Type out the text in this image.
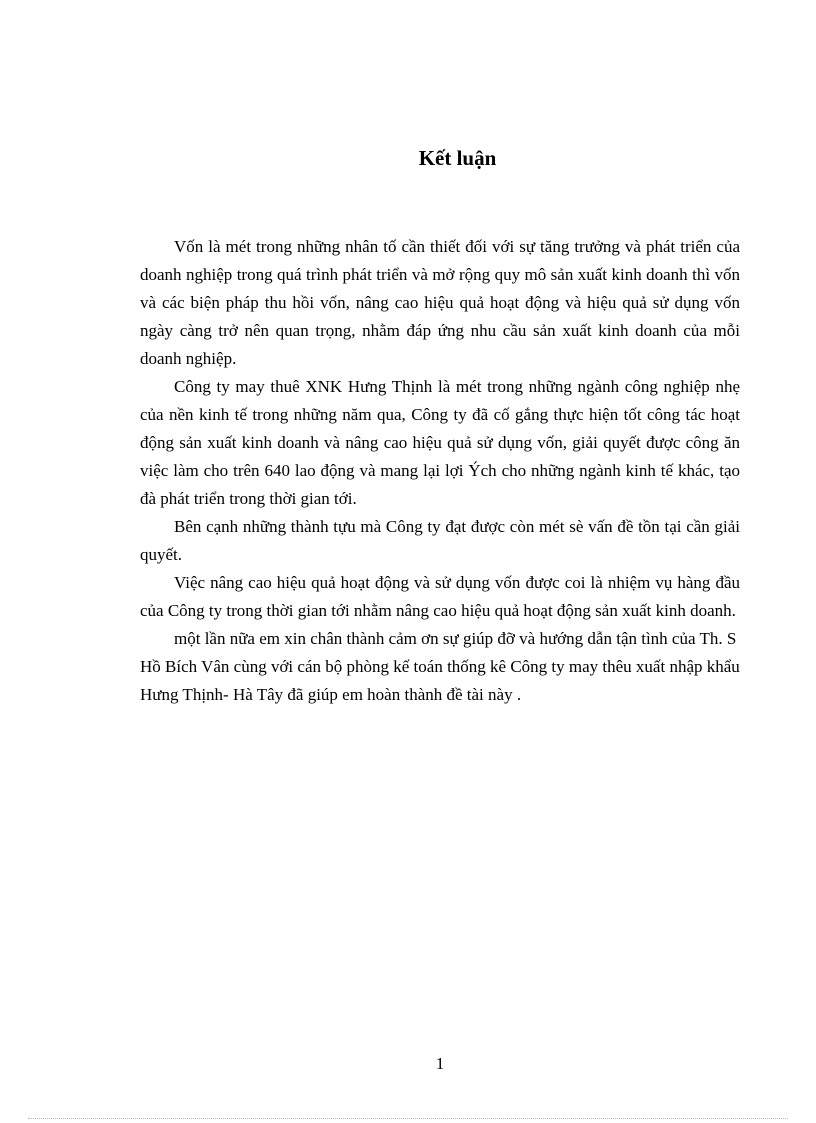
Kết luận

Vốn là mét trong những nhân tố cần thiết đối với sự tăng trưởng và phát triển của doanh nghiệp trong quá trình phát triển và mở rộng quy mô sản xuất kinh doanh thì vốn và các biện pháp thu hồi vốn, nâng cao hiệu quả hoạt động và hiệu quả sử dụng vốn ngày càng trở nên quan trọng, nhằm đáp ứng nhu cầu sản xuất kinh doanh của mỗi doanh nghiệp.

Công ty may thuê XNK Hưng Thịnh là mét trong những ngành công nghiệp nhẹ của nền kinh tế trong những năm qua, Công ty đã cố gắng thực hiện tốt công tác hoạt động sản xuất kinh doanh và nâng cao hiệu quả sử dụng vốn, giải quyết được công ăn việc làm cho trên 640 lao động và mang lại lợi Ých cho những ngành kinh tế khác, tạo đà phát triển trong thời gian tới.

Bên cạnh những thành tựu mà Công ty đạt được còn mét sè vấn đề tồn tại cần giải quyết.

Việc nâng cao hiệu quả hoạt động và sử dụng vốn được coi là nhiệm vụ hàng đầu của Công ty trong thời gian tới nhằm nâng cao hiệu quả hoạt động sản xuất kinh doanh.

một lần nữa em xin chân thành cảm ơn sự giúp đỡ và hướng dẫn tận tình của Th. S Hồ Bích Vân cùng với cán bộ phòng kế toán thống kê Công ty may thêu xuất nhập khẩu Hưng Thịnh- Hà Tây đã giúp em hoàn thành đề tài này .

1
